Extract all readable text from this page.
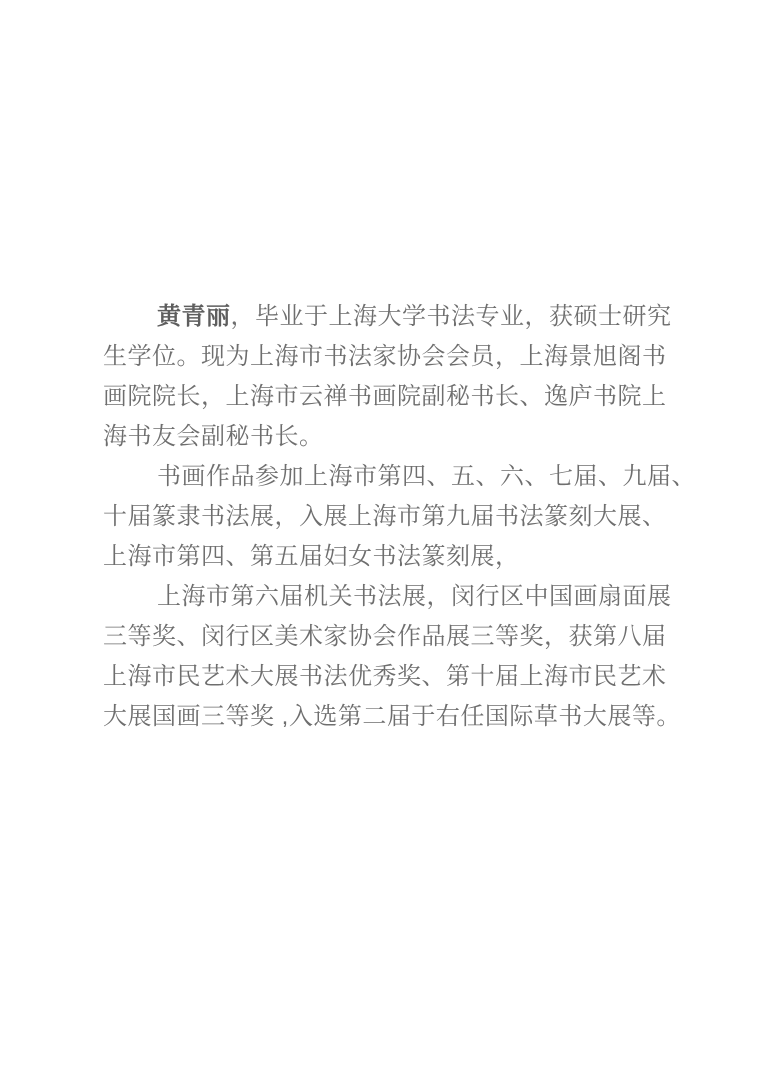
黄青丽，毕业于上海大学书法专业，获硕士研究
生学位。现为上海市书法家协会会员，上海景旭阁书
画院院长，上海市云禅书画院副秘书长、逸庐书院上
海书友会副秘书长。
书画作品参加上海市第四、五、六、七届、九届、
十届篆隶书法展，入展上海市第九届书法篆刻大展、
上海市第四、第五届妇女书法篆刻展，
上海市第六届机关书法展，闵行区中国画扇面展
三等奖、闵行区美术家协会作品展三等奖，获第八届
上海市民艺术大展书法优秀奖、第十届上海市民艺术
大展国画三等奖 ,入选第二届于右任国际草书大展等。
